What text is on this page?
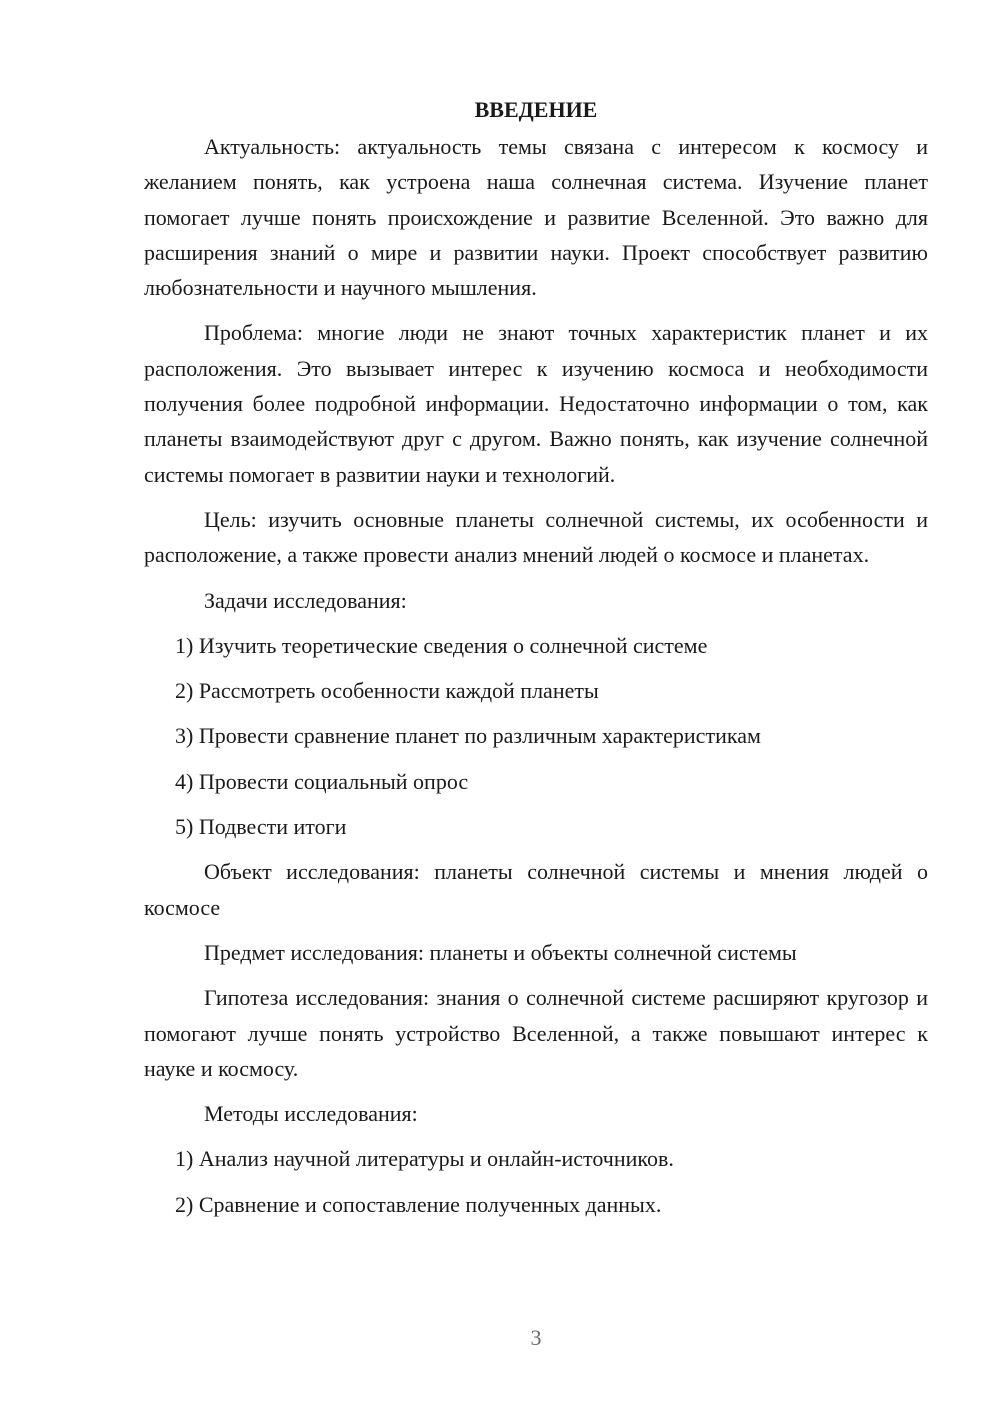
ВВЕДЕНИЕ

Актуальность: актуальность темы связана с интересом к космосу и желанием понять, как устроена наша солнечная система. Изучение планет помогает лучше понять происхождение и развитие Вселенной. Это важно для расширения знаний о мире и развитии науки. Проект способствует развитию любознательности и научного мышления.

Проблема: многие люди не знают точных характеристик планет и их расположения. Это вызывает интерес к изучению космоса и необходимости получения более подробной информации. Недостаточно информации о том, как планеты взаимодействуют друг с другом. Важно понять, как изучение солнечной системы помогает в развитии науки и технологий.

Цель: изучить основные планеты солнечной системы, их особенности и расположение, а также провести анализ мнений людей о космосе и планетах.

Задачи исследования:

1) Изучить теоретические сведения о солнечной системе

2) Рассмотреть особенности каждой планеты

3) Провести сравнение планет по различным характеристикам

4) Провести социальный опрос

5) Подвести итоги

Объект исследования: планеты солнечной системы и мнения людей о космосе

Предмет исследования: планеты и объекты солнечной системы

Гипотеза исследования: знания о солнечной системе расширяют кругозор и помогают лучше понять устройство Вселенной, а также повышают интерес к науке и космосу.

Методы исследования:

1) Анализ научной литературы и онлайн-источников.

2) Сравнение и сопоставление полученных данных.

3
